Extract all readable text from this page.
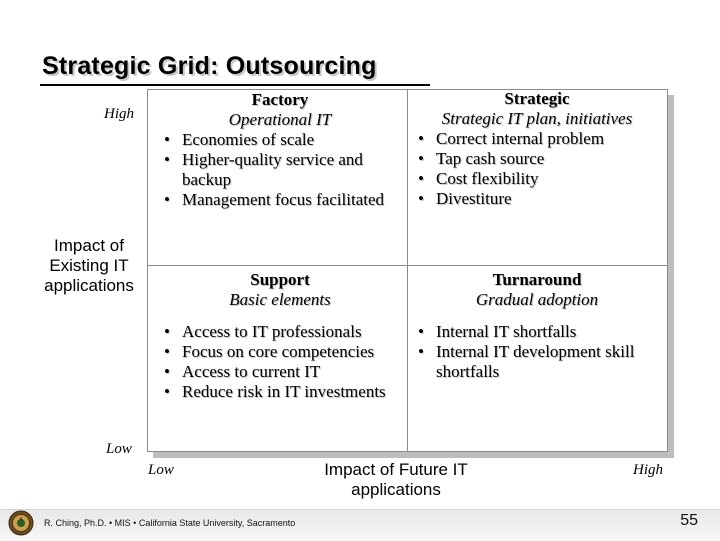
Strategic Grid: Outsourcing

Factory

Operational IT

• Economies of scale
• Higher-quality service and backup
• Management focus facilitated

Strategic

Strategic IT plan, initiatives

• Correct internal problem
• Tap cash source
• Cost flexibility
• Divestiture

Support

Basic elements

• Access to IT professionals
• Focus on core competencies
• Access to current IT
• Reduce risk in IT investments

Turnaround

Gradual adoption

• Internal IT shortfalls
• Internal IT development skill shortfalls
High
Low
Low	High
Impact of
Existing IT
applications
Impact of Future IT
applications
R. Ching, Ph.D. • MIS • California State University, Sacramento	55
